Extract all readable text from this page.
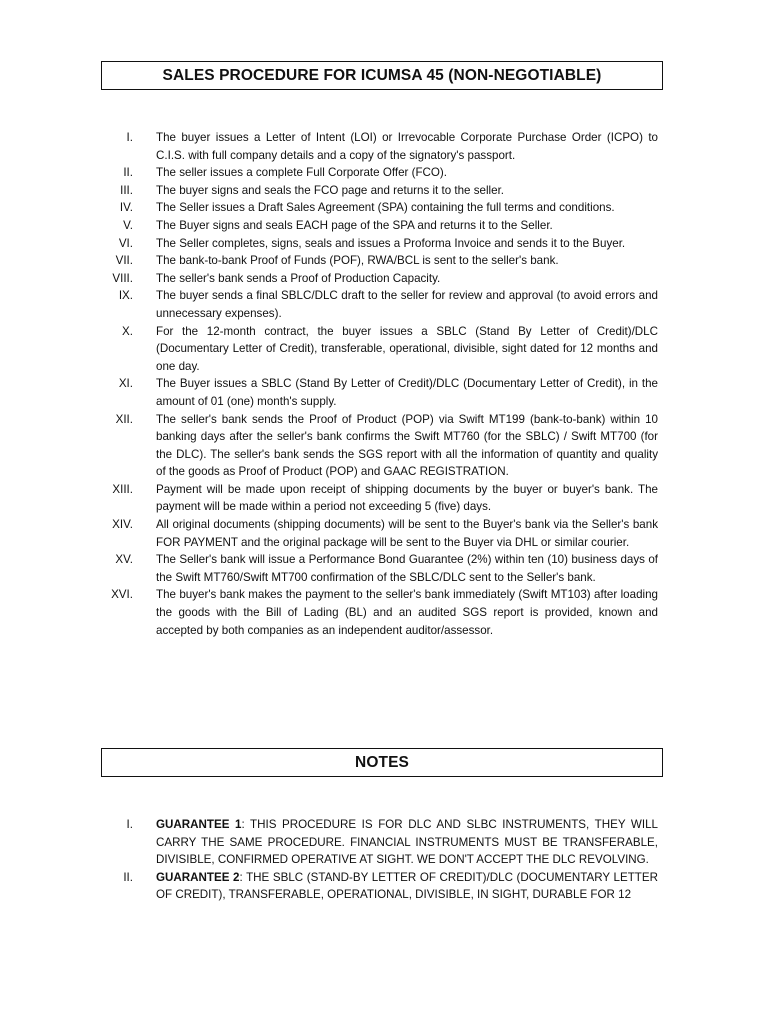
SALES PROCEDURE FOR ICUMSA 45 (NON-NEGOTIABLE)
I. The buyer issues a Letter of Intent (LOI) or Irrevocable Corporate Purchase Order (ICPO) to C.I.S. with full company details and a copy of the signatory's passport.
II. The seller issues a complete Full Corporate Offer (FCO).
III. The buyer signs and seals the FCO page and returns it to the seller.
IV. The Seller issues a Draft Sales Agreement (SPA) containing the full terms and conditions.
V. The Buyer signs and seals EACH page of the SPA and returns it to the Seller.
VI. The Seller completes, signs, seals and issues a Proforma Invoice and sends it to the Buyer.
VII. The bank-to-bank Proof of Funds (POF), RWA/BCL is sent to the seller's bank.
VIII. The seller's bank sends a Proof of Production Capacity.
IX. The buyer sends a final SBLC/DLC draft to the seller for review and approval (to avoid errors and unnecessary expenses).
X. For the 12-month contract, the buyer issues a SBLC (Stand By Letter of Credit)/DLC (Documentary Letter of Credit), transferable, operational, divisible, sight dated for 12 months and one day.
XI. The Buyer issues a SBLC (Stand By Letter of Credit)/DLC (Documentary Letter of Credit), in the amount of 01 (one) month's supply.
XII. The seller's bank sends the Proof of Product (POP) via Swift MT199 (bank-to-bank) within 10 banking days after the seller's bank confirms the Swift MT760 (for the SBLC) / Swift MT700 (for the DLC). The seller's bank sends the SGS report with all the information of quantity and quality of the goods as Proof of Product (POP) and GAAC REGISTRATION.
XIII. Payment will be made upon receipt of shipping documents by the buyer or buyer's bank. The payment will be made within a period not exceeding 5 (five) days.
XIV. All original documents (shipping documents) will be sent to the Buyer's bank via the Seller's bank FOR PAYMENT and the original package will be sent to the Buyer via DHL or similar courier.
XV. The Seller's bank will issue a Performance Bond Guarantee (2%) within ten (10) business days of the Swift MT760/Swift MT700 confirmation of the SBLC/DLC sent to the Seller's bank.
XVI. The buyer's bank makes the payment to the seller's bank immediately (Swift MT103) after loading the goods with the Bill of Lading (BL) and an audited SGS report is provided, known and accepted by both companies as an independent auditor/assessor.
NOTES
I. GUARANTEE 1: THIS PROCEDURE IS FOR DLC AND SLBC INSTRUMENTS, THEY WILL CARRY THE SAME PROCEDURE. FINANCIAL INSTRUMENTS MUST BE TRANSFERABLE, DIVISIBLE, CONFIRMED OPERATIVE AT SIGHT. WE DON'T ACCEPT THE DLC REVOLVING.
II. GUARANTEE 2: THE SBLC (STAND-BY LETTER OF CREDIT)/DLC (DOCUMENTARY LETTER OF CREDIT), TRANSFERABLE, OPERATIONAL, DIVISIBLE, IN SIGHT, DURABLE FOR 12
